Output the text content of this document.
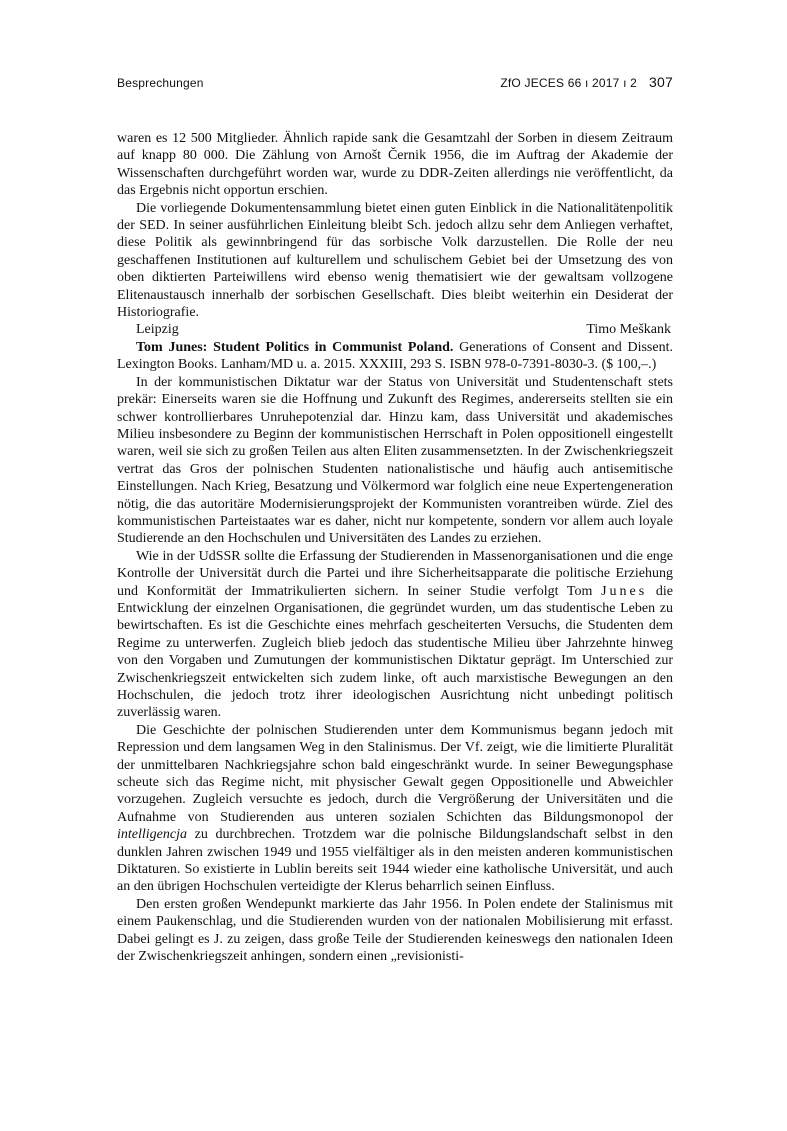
Besprechungen	ZfO JECES 66 ı 2017 ı 2 307

waren es 12 500 Mitglieder. Ähnlich rapide sank die Gesamtzahl der Sorben in diesem Zeitraum auf knapp 80 000. Die Zählung von Arnošt Černik 1956, die im Auftrag der Akademie der Wissenschaften durchgeführt worden war, wurde zu DDR-Zeiten allerdings nie veröffentlicht, da das Ergebnis nicht opportun erschien.

Die vorliegende Dokumentensammlung bietet einen guten Einblick in die Nationalitätenpolitik der SED. In seiner ausführlichen Einleitung bleibt Sch. jedoch allzu sehr dem Anliegen verhaftet, diese Politik als gewinnbringend für das sorbische Volk darzustellen. Die Rolle der neu geschaffenen Institutionen auf kulturellem und schulischem Gebiet bei der Umsetzung des von oben diktierten Parteiwillens wird ebenso wenig thematisiert wie der gewaltsam vollzogene Elitenaustausch innerhalb der sorbischen Gesellschaft. Dies bleibt weiterhin ein Desiderat der Historiografie.

Leipzig	Timo Meškank

Tom Junes: Student Politics in Communist Poland. Generations of Consent and Dissent. Lexington Books. Lanham/MD u. a. 2015. XXXIII, 293 S. ISBN 978-0-7391-8030-3. ($ 100,–.)

In der kommunistischen Diktatur war der Status von Universität und Studentenschaft stets prekär: Einerseits waren sie die Hoffnung und Zukunft des Regimes, andererseits stellten sie ein schwer kontrollierbares Unruhepotenzial dar. Hinzu kam, dass Universität und akademisches Milieu insbesondere zu Beginn der kommunistischen Herrschaft in Polen oppositionell eingestellt waren, weil sie sich zu großen Teilen aus alten Eliten zusammensetzten. In der Zwischenkriegszeit vertrat das Gros der polnischen Studenten nationalistische und häufig auch antisemitische Einstellungen. Nach Krieg, Besatzung und Völkermord war folglich eine neue Expertengeneration nötig, die das autoritäre Modernisierungsprojekt der Kommunisten vorantreiben würde. Ziel des kommunistischen Parteistaates war es daher, nicht nur kompetente, sondern vor allem auch loyale Studierende an den Hochschulen und Universitäten des Landes zu erziehen.

Wie in der UdSSR sollte die Erfassung der Studierenden in Massenorganisationen und die enge Kontrolle der Universität durch die Partei und ihre Sicherheitsapparate die politische Erziehung und Konformität der Immatrikulierten sichern. In seiner Studie verfolgt Tom Junes die Entwicklung der einzelnen Organisationen, die gegründet wurden, um das studentische Leben zu bewirtschaften. Es ist die Geschichte eines mehrfach gescheiterten Versuchs, die Studenten dem Regime zu unterwerfen. Zugleich blieb jedoch das studentische Milieu über Jahrzehnte hinweg von den Vorgaben und Zumutungen der kommunistischen Diktatur geprägt. Im Unterschied zur Zwischenkriegszeit entwickelten sich zudem linke, oft auch marxistische Bewegungen an den Hochschulen, die jedoch trotz ihrer ideologischen Ausrichtung nicht unbedingt politisch zuverlässig waren.

Die Geschichte der polnischen Studierenden unter dem Kommunismus begann jedoch mit Repression und dem langsamen Weg in den Stalinismus. Der Vf. zeigt, wie die limitierte Pluralität der unmittelbaren Nachkriegsjahre schon bald eingeschränkt wurde. In seiner Bewegungsphase scheute sich das Regime nicht, mit physischer Gewalt gegen Oppositionelle und Abweichler vorzugehen. Zugleich versuchte es jedoch, durch die Vergrößerung der Universitäten und die Aufnahme von Studierenden aus unteren sozialen Schichten das Bildungsmonopol der intelligencja zu durchbrechen. Trotzdem war die polnische Bildungslandschaft selbst in den dunklen Jahren zwischen 1949 und 1955 vielfältiger als in den meisten anderen kommunistischen Diktaturen. So existierte in Lublin bereits seit 1944 wieder eine katholische Universität, und auch an den übrigen Hochschulen verteidigte der Klerus beharrlich seinen Einfluss.

Den ersten großen Wendepunkt markierte das Jahr 1956. In Polen endete der Stalinismus mit einem Paukenschlag, und die Studierenden wurden von der nationalen Mobilisierung mit erfasst. Dabei gelingt es J. zu zeigen, dass große Teile der Studierenden keineswegs den nationalen Ideen der Zwischenkriegszeit anhingen, sondern einen „revisionisti-
